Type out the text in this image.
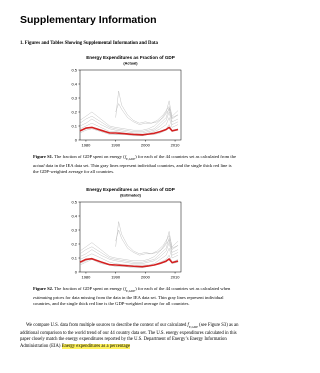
Supplementary Information
1. Figures and Tables Showing Supplemental Information and Data
Energy Expenditures as Fraction of GDP
(Actual)
0
0.1
0.2
0.3
0.4
0.5
1980	1990	2000	2010

Figure S1. The fraction of GDP spent on energy $(f_{E,GDP})$ for each of the 44 countries set as calculated from the actual data in the IEA data set. Thin gray lines represent individual countries, and the single thick red line is the GDP-weighted average for all countries.

Energy Expenditures as Fraction of GDP
(Estimated)
0
0.1
0.2
0.3
0.4
0.5
1980	1990	2000	2010

Figure S2. The fraction of GDP spent on energy $(f_{E,GDP})$ for each of the 44 countries set as calculated when estimating prices for data missing from the data in the IEA data set. Thin gray lines represent individual countries, and the single thick red line is the GDP-weighted average for all countries.

We compare U.S. data from multiple sources to describe the context of our calculated $f_{E,GDP}$ (see Figure S3) as an additional comparison to the world trend of our 44 country data set. The U.S. energy expenditures calculated in this paper closely match the energy expenditures reported by the U.S. Department of Energy’s Energy Information Administration (EIA) Energy expenditures as a percentage
